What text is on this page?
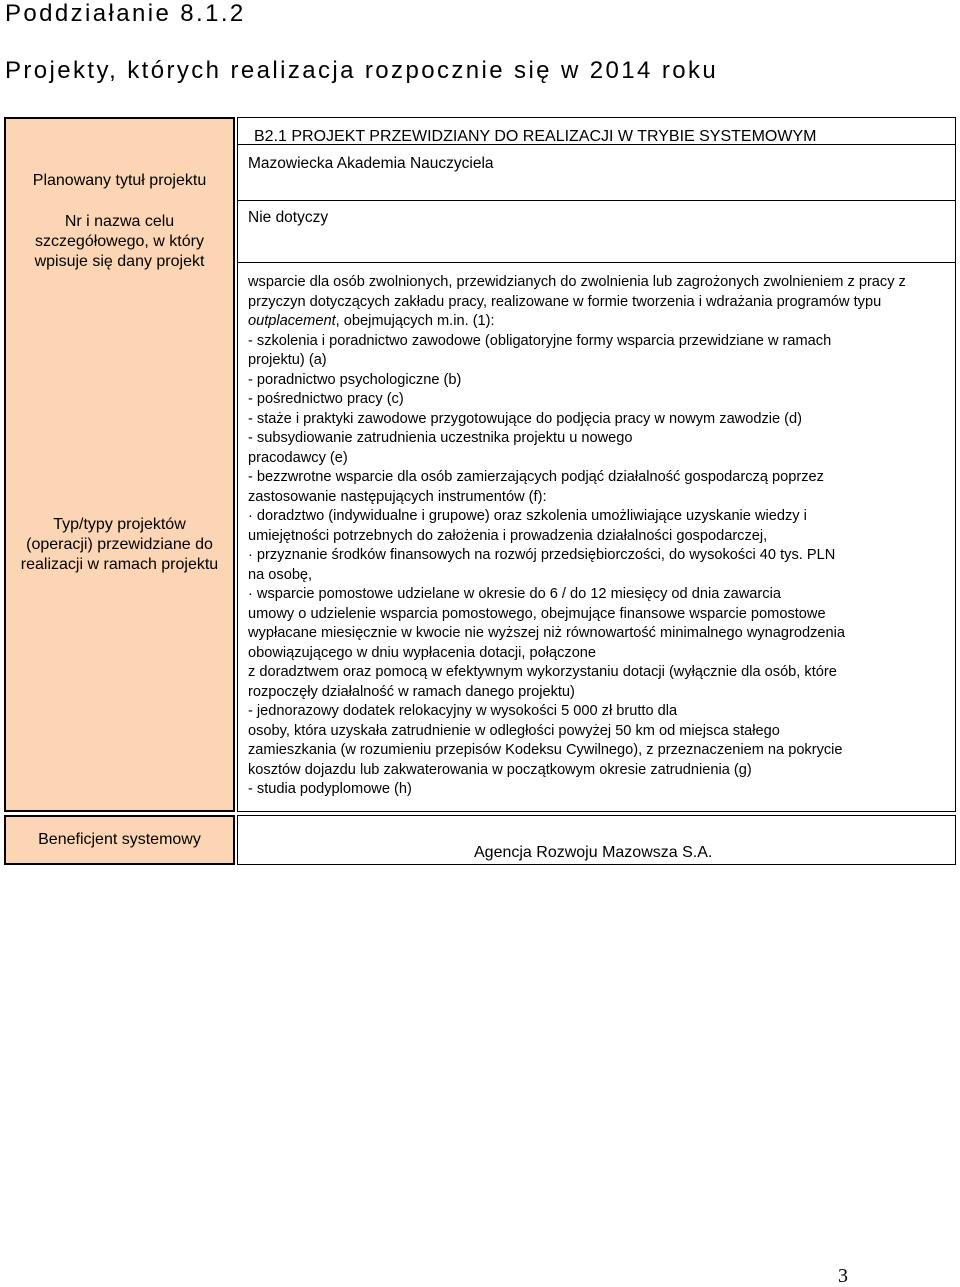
Poddziałanie 8.1.2
Projekty, których realizacja rozpocznie się w 2014 roku
Planowany tytuł projektu
Nr i nazwa celu
szczegółowego, w który
wpisuje się dany projekt
Typ/typy projektów
(operacji) przewidziane do
realizacji w ramach projektu

B2.1 PROJEKT PRZEWIDZIANY DO REALIZACJI W TRYBIE SYSTEMOWYM

Mazowiecka Akademia Nauczyciela

Nie dotyczy

wsparcie dla osób zwolnionych, przewidzianych do zwolnienia lub zagrożonych zwolnieniem z pracy z przyczyn dotyczących zakładu pracy, realizowane w formie tworzenia i wdrażania programów typu outplacement, obejmujących m.in. (1):
- szkolenia i poradnictwo zawodowe (obligatoryjne formy wsparcia przewidziane w ramach
projektu) (a)
- poradnictwo psychologiczne (b)
- pośrednictwo pracy (c)
- staże i praktyki zawodowe przygotowujące do podjęcia pracy w nowym zawodzie (d)
- subsydiowanie zatrudnienia uczestnika projektu u nowego
pracodawcy (e)
- bezzwrotne wsparcie dla osób zamierzających podjąć działalność gospodarczą poprzez
zastosowanie następujących instrumentów (f):
· doradztwo (indywidualne i grupowe) oraz szkolenia umożliwiające uzyskanie wiedzy i
umiejętności potrzebnych do założenia i prowadzenia działalności gospodarczej,
· przyznanie środków finansowych na rozwój przedsiębiorczości, do wysokości 40 tys. PLN
na osobę,
· wsparcie pomostowe udzielane w okresie do 6 / do 12 miesięcy od dnia zawarcia
umowy o udzielenie wsparcia pomostowego, obejmujące finansowe wsparcie pomostowe
wypłacane miesięcznie w kwocie nie wyższej niż równowartość minimalnego wynagrodzenia
obowiązującego w dniu wypłacenia dotacji, połączone
z doradztwem oraz pomocą w efektywnym wykorzystaniu dotacji (wyłącznie dla osób, które
rozpoczęły działalność w ramach danego projektu)
- jednorazowy dodatek relokacyjny w wysokości 5 000 zł brutto dla
osoby, która uzyskała zatrudnienie w odległości powyżej 50 km od miejsca stałego
zamieszkania (w rozumieniu przepisów Kodeksu Cywilnego), z przeznaczeniem na pokrycie
kosztów dojazdu lub zakwaterowania w początkowym okresie zatrudnienia (g)
- studia podyplomowe (h)
Beneficjent systemowy

Agencja Rozwoju Mazowsza S.A.

3
